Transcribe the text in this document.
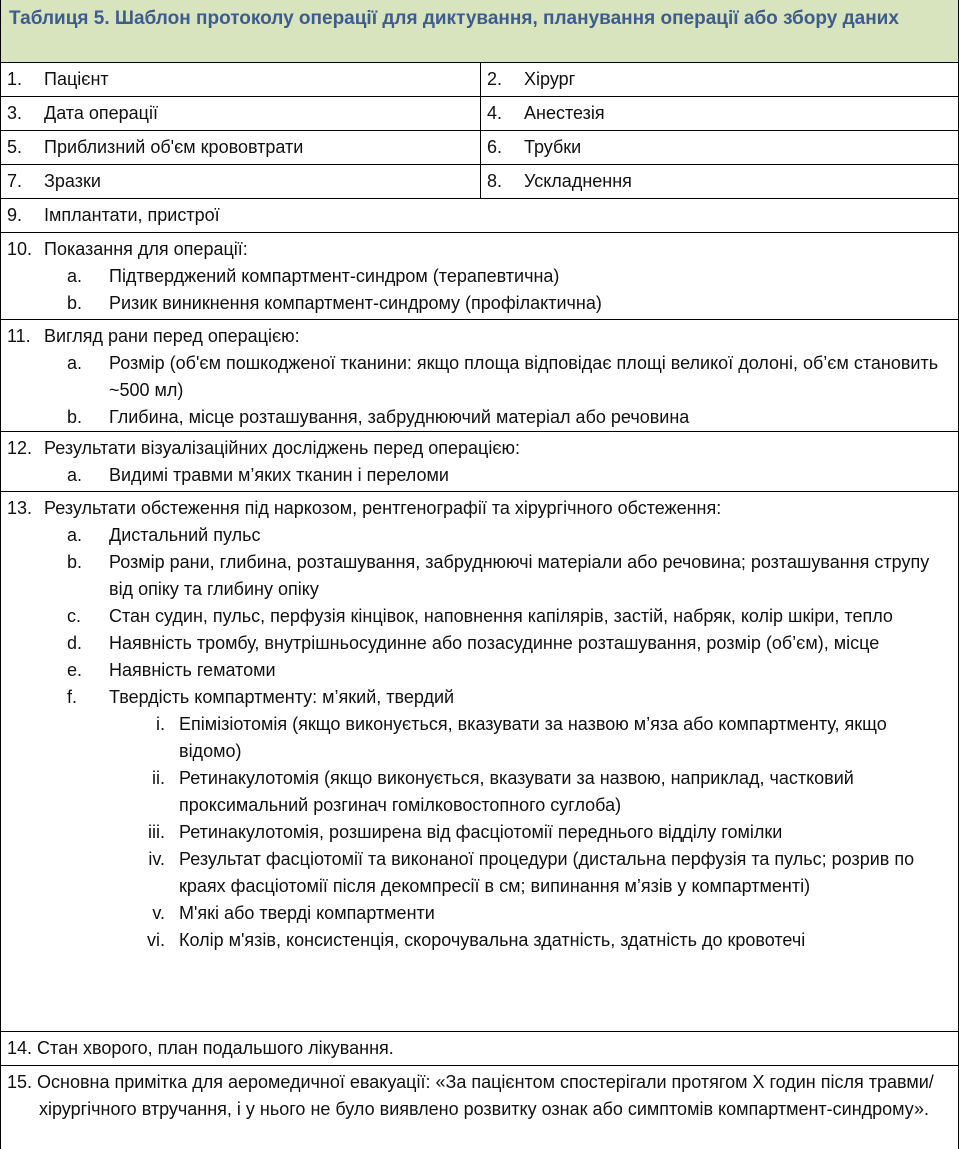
Таблиця 5. Шаблон протоколу операції для диктування, планування операції або збору даних
1.	Пацієнт	2.	Хірург
3.	Дата операції	4.	Анестезія
5.	Приблизний об'єм крововтрати	6.	Трубки
7.	Зразки	8.	Ускладнення
9.	Імплантати, пристрої
10. Показання для операції:
a.	Підтверджений компартмент-синдром (терапевтична)
b.	Ризик виникнення компартмент-синдрому (профілактична)
11. Вигляд рани перед операцією:
a.	Розмір (об'єм пошкодженої тканини: якщо площа відповідає площі великої долоні, об’єм становить ~500 мл)
b.	Глибина, місце розташування, забруднюючий матеріал або речовина
12. Результати візуалізаційних досліджень перед операцією:
a.	Видимі травми м’яких тканин і переломи
13. Результати обстеження під наркозом, рентгенографії та хірургічного обстеження:
a.	Дистальний пульс
b.	Розмір рани, глибина, розташування, забруднюючі матеріали або речовина; розташування струпу від опіку та глибину опіку
c.	Стан судин, пульс, перфузія кінцівок, наповнення капілярів, застій, набряк, колір шкіри, тепло
d.	Наявність тромбу, внутрішньосудинне або позасудинне розташування, розмір (об’єм), місце
e.	Наявність гематоми
f.	Твердість компартменту: м’який, твердий
i. Епімізіотомія (якщо виконується, вказувати за назвою м’яза або компартменту, якщо відомо)
ii. Ретинакулотомія (якщо виконується, вказувати за назвою, наприклад, частковий проксимальний розгинач гомілковостопного суглоба)
iii. Ретинакулотомія, розширена від фасціотомії переднього відділу гомілки
iv. Результат фасціотомії та виконаної процедури (дистальна перфузія та пульс; розрив по краях фасціотомії після декомпресії в см; випинання м’язів у компартменті)
v. М'які або тверді компартменти
vi. Колір м'язів, консистенція, скорочувальна здатність, здатність до кровотечі
14. Стан хворого, план подальшого лікування.
15. Основна примітка для аеромедичної евакуації: «За пацієнтом спостерігали протягом X годин після травми/хірургічного втручання, і у нього не було виявлено розвитку ознак або симптомів компартмент-синдрому».
